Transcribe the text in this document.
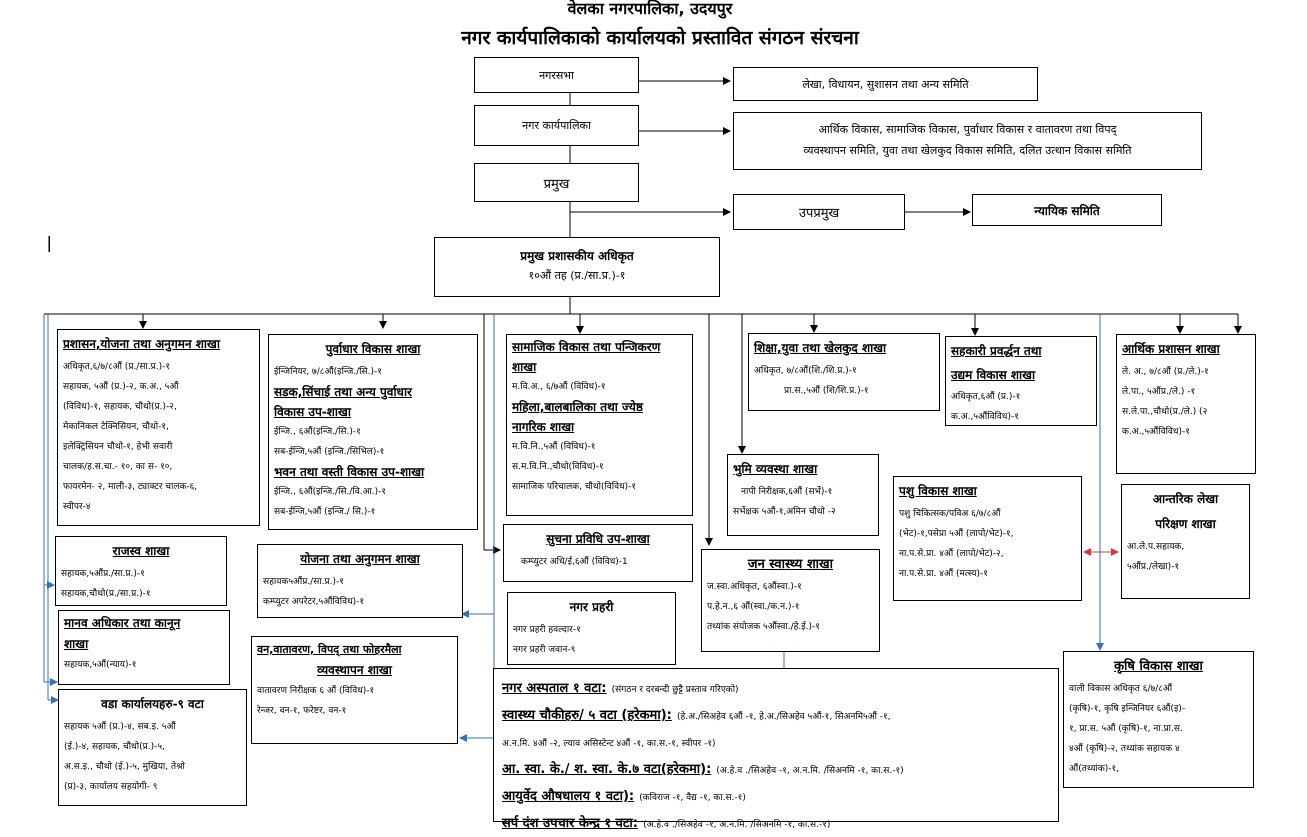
वेलका नगरपालिका, उदयपुर
नगर कार्यपालिकाको कार्यालयको प्रस्तावित संगठन संरचना
नगरसभा
लेखा, विधायन, सुशासन तथा अन्य समिति
नगर कार्यपालिका	आर्थिक विकास, सामाजिक विकास, पुर्वाधार विकास र वातावरण तथा विपद्
व्यवस्थापन समिति, युवा तथा खेलकुद विकास समिति, दलित उत्थान विकास समिति
प्रमुख
उपप्रमुख	न्यायिक समिति
प्रमुख प्रशासकीय अधिकृत
१०औं तह (प्र./सा.प्र.)-१
प्रशासन,योजना तथा अनुगमन शाखा
अधिकृत,६/७/८औं (प्र./सा.प्र.)-१
सहायक, ५औं (प्र.)-२, क.अ., ५औं
(विविध)-१, सहायक, चौथो(प्र.)-२,
मेकानिकल टेक्निसियन, चौथो-१,
इलेक्ट्रिसियन चौथो-१, हेभी सवारी
चालक/ह.स.चा.- १०, का स- १०,
फायरमेन- २, माली-३, ट्याक्टर चालक-६,
स्वीपर-४
पुर्वाधार विकास शाखा
ईन्जिनियर, ७/८औं(इन्जि./सि.)-१
सडक,सिंचाई तथा अन्य पुर्वाधार
विकास उप-शाखा
ईन्जि., ६औं(इन्जि./सि.)-१
सब-ईन्जि,५औं (इन्जि./सिभिल)-१
भवन तथा वस्ती विकास उप-शाखा
ईन्जि., ६औं(इन्जि./सि./वि.आ.)-१
सब-ईन्जि,५औं (इन्जि./ सि.)-१
सामाजिक विकास तथा पन्जिकरण
शाखा
म.वि.अ., ६/७औं (विविध)-१
महिला,बालबालिका तथा ज्येष्ठ
नागरिक शाखा
म.वि.नि.,५औं (विविध)-१
स.म.वि.नि.,चौथो(विविध)-१
सामाजिक परिचालक, चौथो(विविध)-१
शिक्षा,युवा तथा खेलकुद शाखा
अधिकृत, ७/८औं(शि./शि.प्र.)-१
प्रा.स.,५औं (शि/शि.प्र.)-१
सहकारी प्रवर्द्धन तथा
उद्यम विकास शाखा
अधिकृत,६औं (प्र.)-१
क.अ.,५औंविविध)-१
आर्थिक प्रशासन शाखा
ले. अ., ७/८औं (प्र./ले.)-१
ले.पा., ५औंप्र./ले.) -१
स.ले.पा.,चौथो(प्र./ले.) (२
क.अ.,५औंविविध)-१
भुमि व्यवस्था शाखा
नापी निरीक्षक,६औं (सर्भे)-१
सर्भेक्षक ५औं-१,अमिन चौथो -२
पशु विकास शाखा
पशु चिकित्सक/पविअ ६/७/८औं
(भेट)-१,पसेप्रा ५औं (लापो/भेट)-१,
ना.प.से.प्रा. ४औं (लापो/भेट)-२,
ना.प.से.प्रा. ४औं (मत्स्य)-१
आन्तरिक लेखा
परिक्षण शाखा
आ.ले.प.सहायक,
५औंप्र./लेखा)-१
राजस्व शाखा
सहायक,५औंप्र./सा.प्र.)-१
सहायक,चौथो(प्र./सा.प्र.)-१
मानव अधिकार तथा कानून
शाखा
सहायक,५औं(न्याय)-१
वडा कार्यालयहरु-९ वटा
सहायक ५औं (प्र.)-४, सब.इ. ५औं
(ई.)-४, सहायक, चौथो(प्र.)-५,
अ.स.इ., चौथो (ई.)-५, मुखिया, तेश्रो
(प्र)-३, कार्यालय सहयोगी- ९
योजना तथा अनुगमन शाखा
सहायक५औंप्र./सा.प्र.)-१
कम्प्युटर अपरेटर,५औंविविध)-१
सुचना प्रविधि उप-शाखा
कम्प्युटर अधि/ई,६औं (विविध)-1
नगर प्रहरी
नगर प्रहरी हवल्दार-१
नगर प्रहरी जवान-९
जन स्वास्थ्य शाखा
ज.स्वा.अधिकृत, ६औंस्वा.)-१
प.हे.न.,६ औं(स्वा./क.न.)-१
तथ्यांक संयोजक ५औंस्वा./हे.ई.)-१
वन,वातावरण, विपद् तथा फोहरमैला
व्यवस्थापन शाखा
वातावरण निरीक्षक ६ औं (विविध)-१
रेन्जर, वन-१, फरेष्टर, वन-१
कृषि विकास शाखा
वाली विकास अधिकृत ६/७/८औं
(कृषि)-१, कृषि इन्जिनियर ६औं(इ)-
१, प्रा.स. ५औं (कृषि)-१, ना.प्रा.स.
४औं (कृषि)-२, तथ्यांक सहायक ४
औं(तथ्यांक)-१,
नगर अस्पताल १ वटा: (संगठन र दरबन्दी छुट्टै प्रस्ताव गरिएको)
स्वास्थ्य चौकीहरु/ ५ वटा (हरेकमा): (हे.अ./सिअहेव ६औं -१, हे.अ./सिअहेव ५औं-१, सिअनमि५औं -१,
अ.न.मि. ४औं -२, ल्याव असिस्टेन्ट ४औं -१, का.स.-१, स्वीपर -१)
आ. स्वा. के./ श. स्वा. के.७ वटा(हरेकमा): (अ.हे.व ./सिअहेव -१, अ.न.मि. /सिअनमि -१, का.स.-१)
आयुर्वेद औषधालय १ वटा): (कविराज -१, वैद्य -१, का.स.-१)
सर्प दंश उपचार केन्द्र १ वटा: (अ.हे.व ./सिअहेव -१, अ.न.मि. /सिअनमि -१, का.स.-१)
